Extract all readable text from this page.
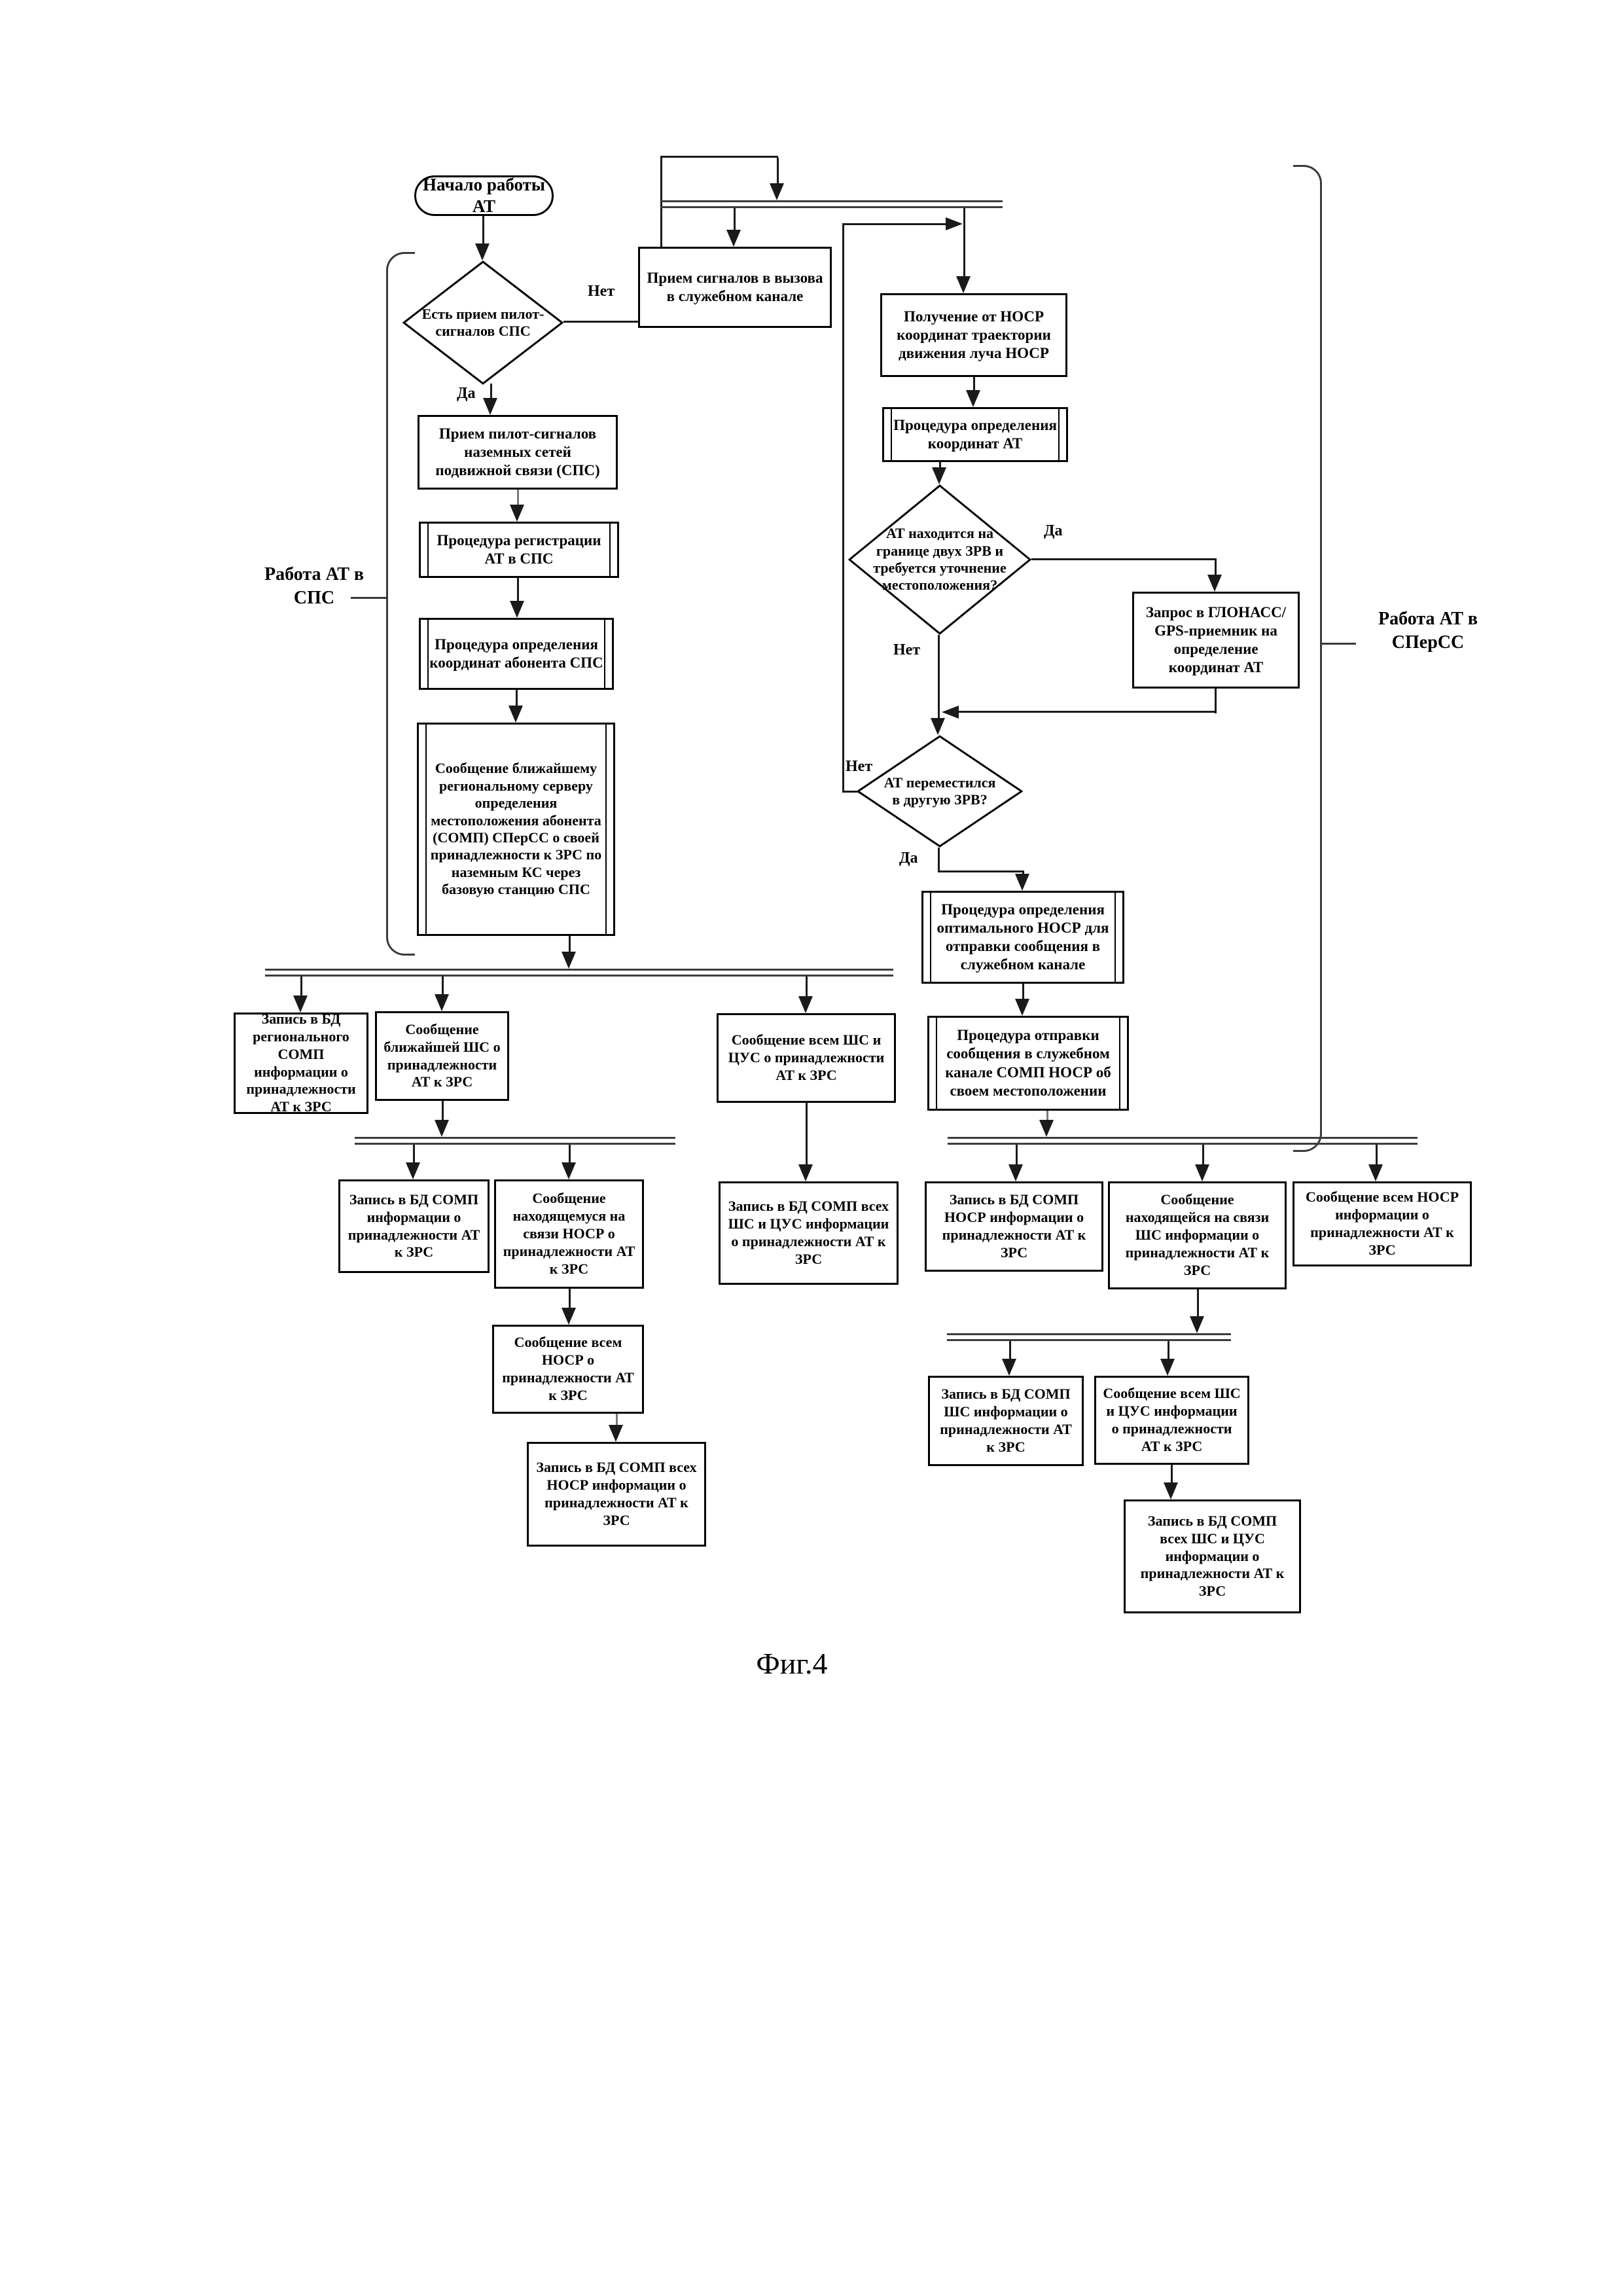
Начало работы АТ
Есть прием пилот-сигналов СПС
Да
Нет
Прием пилот-сигналов наземных сетей подвижной связи (СПС)
Процедура регистрации АТ в СПС
Процедура определения координат абонента СПС
Сообщение ближайшему региональному серверу определения местоположения абонента (СОМП) СПерСС о своей принадлежности к ЗРС по наземным КС через базовую станцию СПС
Прием сигналов в вызова в служебном канале
Получение от НОСР координат траектории движения луча НОСР
Процедура определения координат АТ
АТ находится на границе двух ЗРВ и требуется уточнение местоположения?
Да
Запрос в ГЛОНАСС/ GPS-приемник на определение координат АТ
Нет
АТ переместился в другую ЗРВ?
Нет
Да
Процедура определения оптимального НОСР для отправки сообщения в служебном канале
Процедура отправки сообщения в служебном канале СОМП НОСР об своем местоположении
Запись в БД регионального СОМП информации о принадлежности АТ к ЗРС
Сообщение ближайшей ШС о принадлежности АТ к ЗРС
Сообщение всем ШС и ЦУС о принадлежности АТ к ЗРС
Запись в БД СОМП информации о принадлежности АТ к ЗРС
Сообщение находящемуся на связи НОСР о принадлежности АТ к ЗРС
Сообщение всем НОСР о принадлежности АТ к ЗРС
Запись в БД СОМП всех НОСР информации о принадлежности АТ к ЗРС
Запись в БД СОМП всех ШС и ЦУС информации о принадлежности АТ к ЗРС
Запись в БД СОМП НОСР информации о принадлежности АТ к ЗРС
Сообщение находящейся на связи ШС информации о принадлежности АТ к ЗРС
Сообщение всем НОСР информации о принадлежности АТ к ЗРС
Запись в БД СОМП ШС информации о принадлежности АТ к ЗРС
Сообщение всем ШС и ЦУС информации о принадлежности АТ к ЗРС
Запись в БД СОМП всех ШС и ЦУС информации о принадлежности АТ к ЗРС
Работа АТ в СПС
Работа АТ в СПерСС
Фиг.4
